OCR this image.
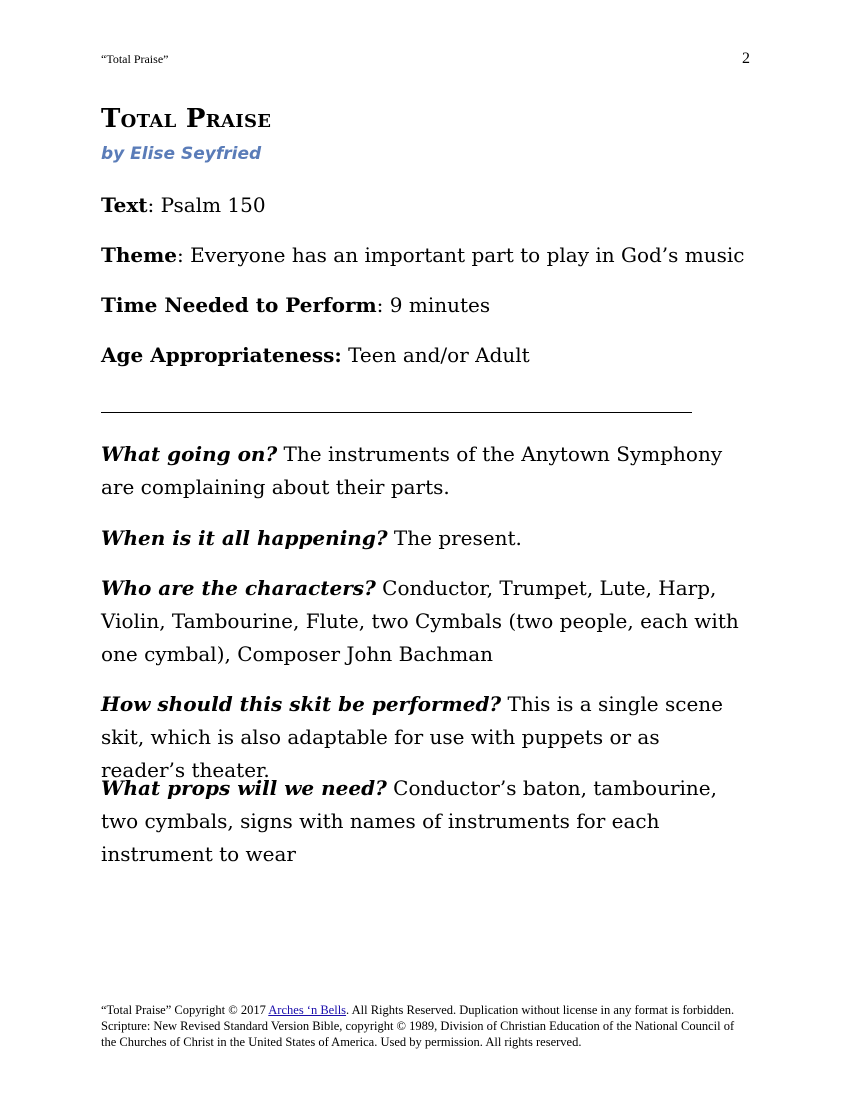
“Total Praise”	2
Total Praise
by Elise Seyfried
Text: Psalm 150
Theme: Everyone has an important part to play in God’s music
Time Needed to Perform: 9 minutes
Age Appropriateness: Teen and/or Adult
What going on? The instruments of the Anytown Symphony are complaining about their parts.
When is it all happening? The present.
Who are the characters? Conductor, Trumpet, Lute, Harp, Violin, Tambourine, Flute, two Cymbals (two people, each with one cymbal), Composer John Bachman
How should this skit be performed? This is a single scene skit, which is also adaptable for use with puppets or as reader’s theater.
What props will we need? Conductor’s baton, tambourine, two cymbals, signs with names of instruments for each instrument to wear
“Total Praise” Copyright © 2017 Arches ‘n Bells. All Rights Reserved. Duplication without license in any format is forbidden. Scripture: New Revised Standard Version Bible, copyright © 1989, Division of Christian Education of the National Council of the Churches of Christ in the United States of America. Used by permission. All rights reserved.
